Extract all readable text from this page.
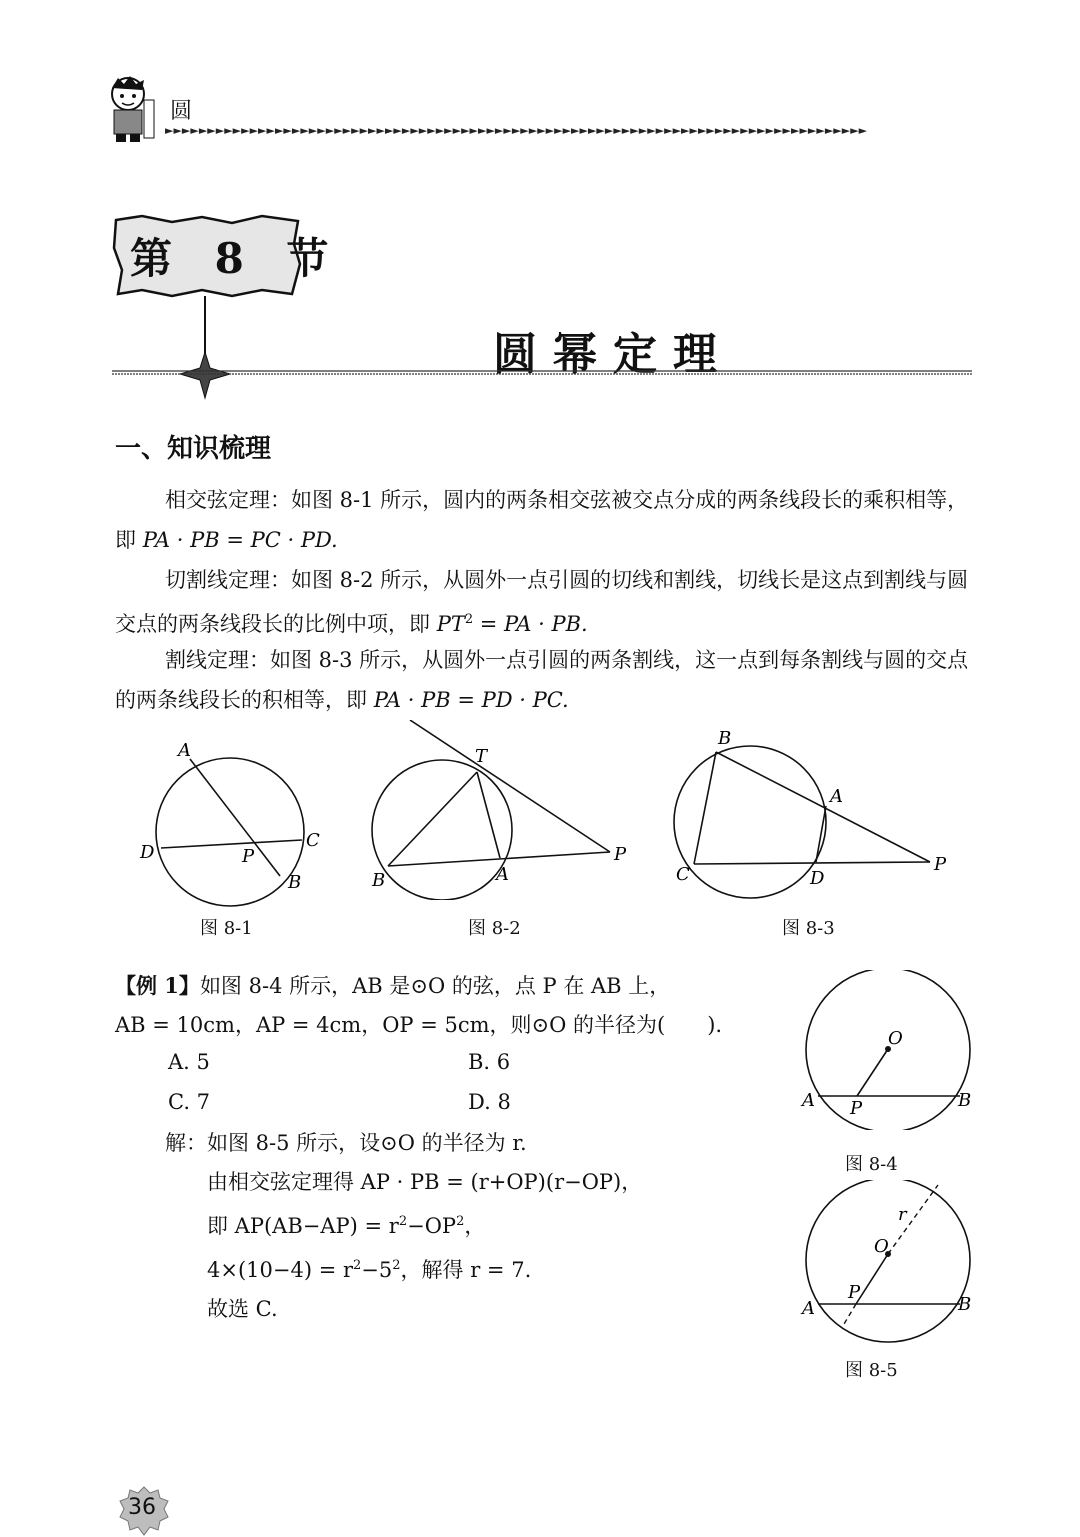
圆
►►►►►►►►►►►►►►►►►►►►►►►►►►►►►►►►►►►►►►►►►►►►►►►►►►►►►►►►►►►►►►►►►►►►►►►►►►►►►►►►►►►
第 8 节
圆幂定理
一、知识梳理

相交弦定理：如图 8-1 所示，圆内的两条相交弦被交点分成的两条线段长的乘积相等，即 PA · PB = PC · PD.

切割线定理：如图 8-2 所示，从圆外一点引圆的切线和割线，切线长是这点到割线与圆交点的两条线段长的比例中项，即 $PT^2$ = PA · PB.

割线定理：如图 8-3 所示，从圆外一点引圆的两条割线，这一点到每条割线与圆的交点的两条线段长的积相等，即 PA · PB = PD · PC.

A
B
C
D	P
图 8-1
T
B	A
P
图 8-2
B
A
C	D
P
图 8-3
【例 1】如图 8-4 所示，AB 是⊙O 的弦，点 P 在 AB 上，
AB = 10cm，AP = 4cm，OP = 5cm，则⊙O 的半径为(　　).
A. 5	B. 6
C. 7	D. 8
解：如图 8-5 所示，设⊙O 的半径为 r.
由相交弦定理得 AP · PB = (r+OP)(r−OP)，
即 $AP(AB-AP) = r^2-OP^2$，
$4\times(10-4) = r^2-5^2$，解得 r = 7.
故选 C.
O
A P	B
图 8-4
O
r
A
P
B
图 8-5
36
